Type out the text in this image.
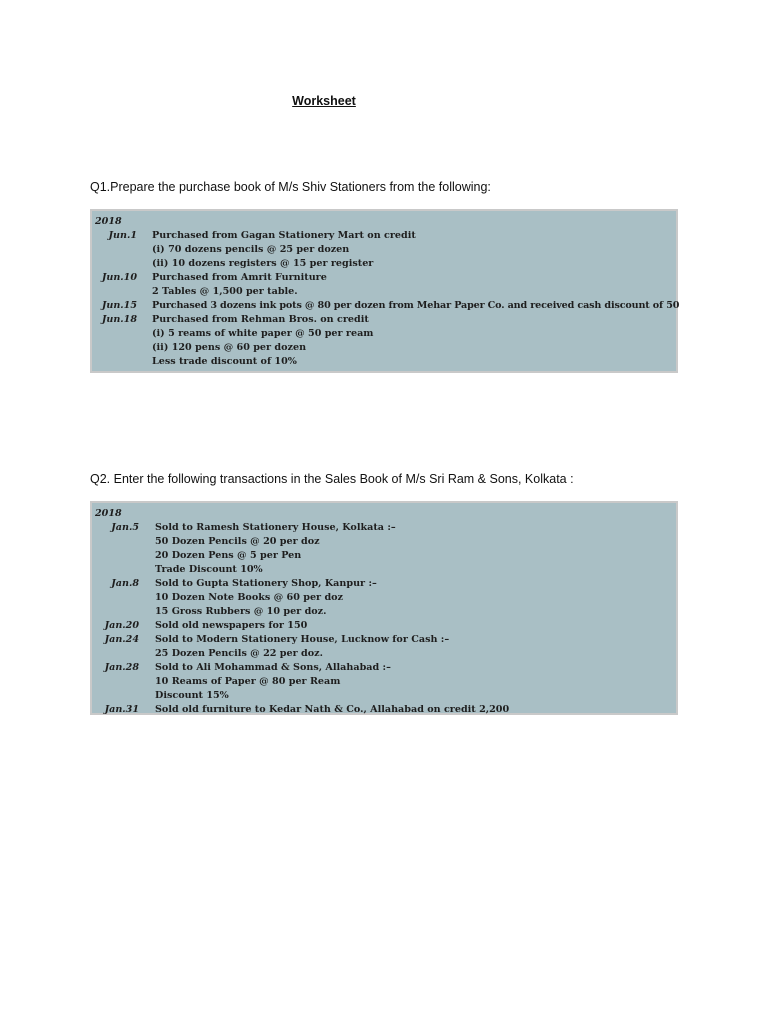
Worksheet
Q1.Prepare the purchase book of M/s Shiv Stationers from the following:
2018
Jun.1	Purchased from Gagan Stationery Mart on credit
(i) 70 dozens pencils @ 25 per dozen
(ii) 10 dozens registers @ 15 per register
Jun.10	Purchased from Amrit Furniture
2 Tables @ 1,500 per table.
Jun.15	Purchased 3 dozens ink pots @ 80 per dozen from Mehar Paper Co. and received cash discount of 50
Jun.18	Purchased from Rehman Bros. on credit
(i) 5 reams of white paper @ 50 per ream
(ii) 120 pens @ 60 per dozen
Less trade discount of 10%
Q2. Enter the following transactions in the Sales Book of M/s Sri Ram & Sons, Kolkata :
2018
Jan.5	Sold to Ramesh Stationery House, Kolkata :–
50 Dozen Pencils @ 20 per doz
20 Dozen Pens @ 5 per Pen
Trade Discount 10%
Jan.8	Sold to Gupta Stationery Shop, Kanpur :–
10 Dozen Note Books @ 60 per doz
15 Gross Rubbers @ 10 per doz.
Jan.20	Sold old newspapers for 150
Jan.24	Sold to Modern Stationery House, Lucknow for Cash :–
25 Dozen Pencils @ 22 per doz.
Jan.28	Sold to Ali Mohammad & Sons, Allahabad :–
10 Reams of Paper @ 80 per Ream
Discount 15%
Jan.31	Sold old furniture to Kedar Nath & Co., Allahabad on credit 2,200
